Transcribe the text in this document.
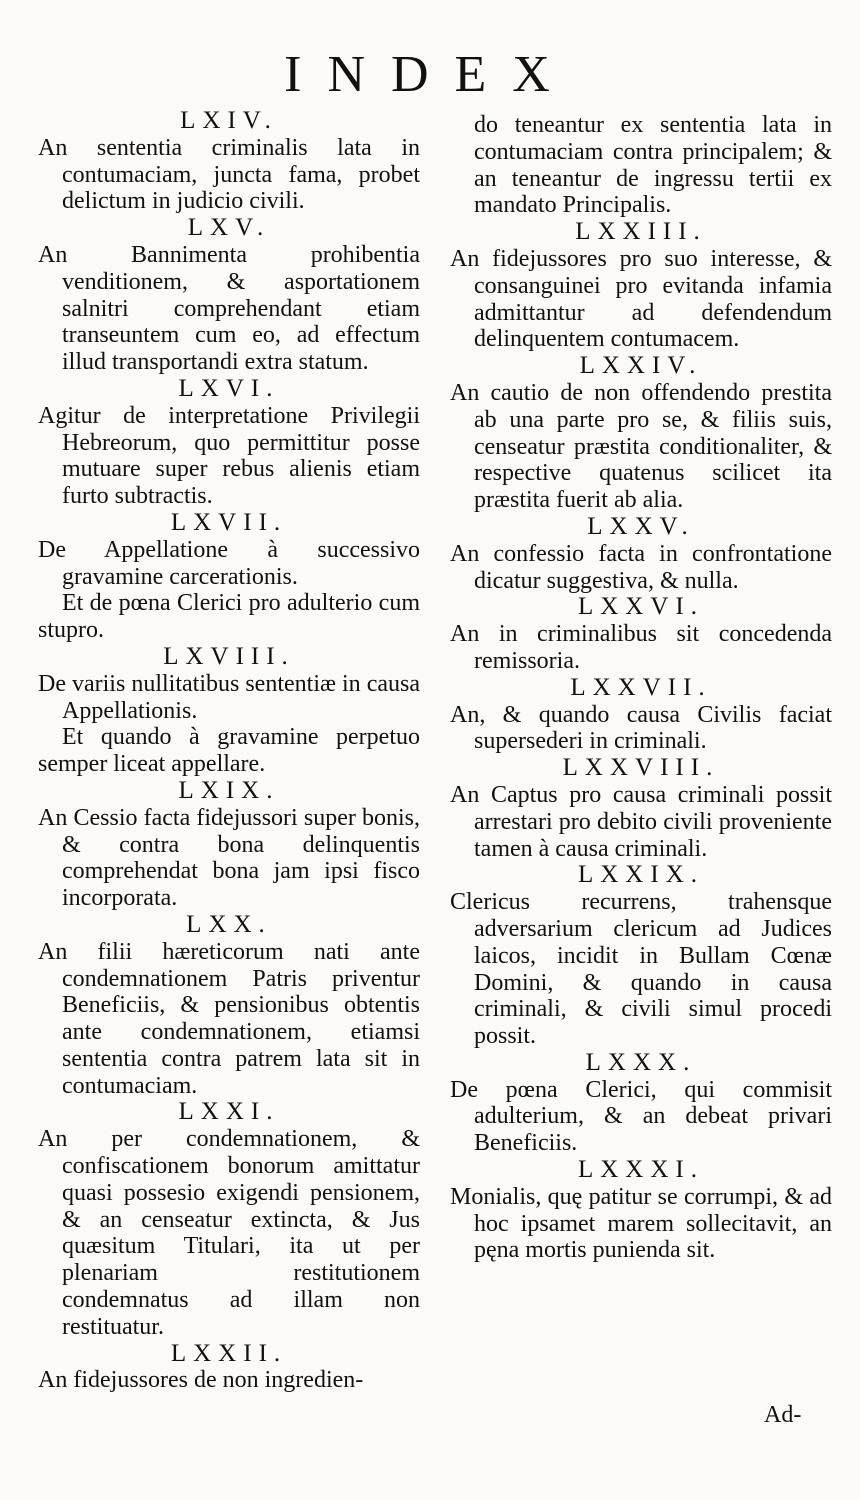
INDEX
LXIV.
An sententia criminalis lata in contumaciam, juncta fama, probet delictum in judicio civili.
LXV.
An Bannimenta prohibentia venditionem, & asportationem salnitri comprehendant etiam transeuntem cum eo, ad effectum illud transportandi extra statum.
LXVI.
Agitur de interpretatione Privilegii Hebreorum, quo permittitur posse mutuare super rebus alienis etiam furto subtractis.
LXVII.
De Appellatione à successivo gravamine carcerationis.
Et de pœna Clerici pro adulterio cum stupro.
LXVIII.
De variis nullitatibus sententiæ in causa Appellationis.
Et quando à gravamine perpetuo semper liceat appellare.
LXIX.
An Cessio facta fidejussori super bonis, & contra bona delinquentis comprehendat bona jam ipsi fisco incorporata.
LXX.
An filii hæreticorum nati ante condemnationem Patris priventur Beneficiis, & pensionibus obtentis ante condemnationem, etiamsi sententia contra patrem lata sit in contumaciam.
LXXI.
An per condemnationem, & confiscationem bonorum amittatur quasi possesio exigendi pensionem, & an censeatur extincta, & Jus quæsitum Titulari, ita ut per plenariam restitutionem condemnatus ad illam non restituatur.
LXXII.
An fidejussores de non ingredien-
do teneantur ex sententia lata in contumaciam contra principalem; & an teneantur de ingressu tertii ex mandato Principalis.
LXXIII.
An fidejussores pro suo interesse, & consanguinei pro evitanda infamia admittantur ad defendendum delinquentem contumacem.
LXXIV.
An cautio de non offendendo prestita ab una parte pro se, & filiis suis, censeatur præstita conditionaliter, & respective quatenus scilicet ita præstita fuerit ab alia.
LXXV.
An confessio facta in confrontatione dicatur suggestiva, & nulla.
LXXVI.
An in criminalibus sit concedenda remissoria.
LXXVII.
An, & quando causa Civilis faciat supersederi in criminali.
LXXVIII.
An Captus pro causa criminali possit arrestari pro debito civili proveniente tamen à causa criminali.
LXXIX.
Clericus recurrens, trahensque adversarium clericum ad Judices laicos, incidit in Bullam Cœnæ Domini, & quando in causa criminali, & civili simul procedi possit.
LXXX.
De pœna Clerici, qui commisit adulterium, & an debeat privari Beneficiis.
LXXXI.
Monialis, quę patitur se corrumpi, & ad hoc ipsamet marem sollecitavit, an pęna mortis punienda sit.
Ad-
